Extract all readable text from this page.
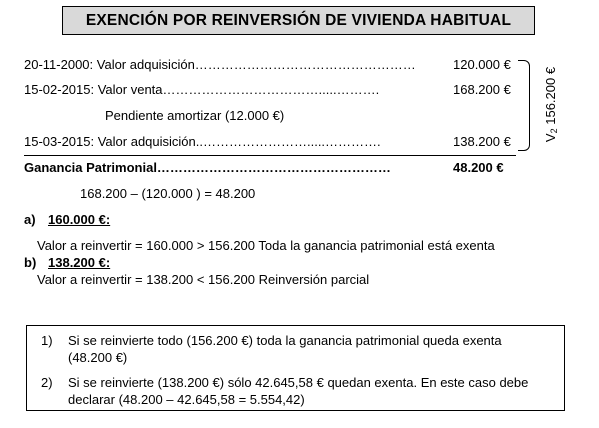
EXENCIÓN POR REINVERSIÓN DE VIVIENDA HABITUAL
20-11-2000: Valor adquisición……………………………………………	120.000 €
15-02-2015: Valor venta……………………………….....……….	168.200 €
Pendiente amortizar (12.000 €)
15-03-2015: Valor adquisición..…………………….....………….	138.200 €
Ganancia Patrimonial………………………………………………	48.200 €
168.200 – (120.000 ) = 48.200
$V_2$ 156.200 €
a) 160.000 €:
Valor a reinvertir = 160.000 > 156.200 Toda la ganancia patrimonial está exenta
b) 138.200 €:
Valor a reinvertir = 138.200 < 156.200 Reinversión parcial
1) Si se reinvierte todo (156.200 €) toda la ganancia patrimonial queda exenta (48.200 €)
2) Si se reinvierte (138.200 €) sólo 42.645,58 € quedan exenta. En este caso debe declarar (48.200 – 42.645,58 = 5.554,42)
